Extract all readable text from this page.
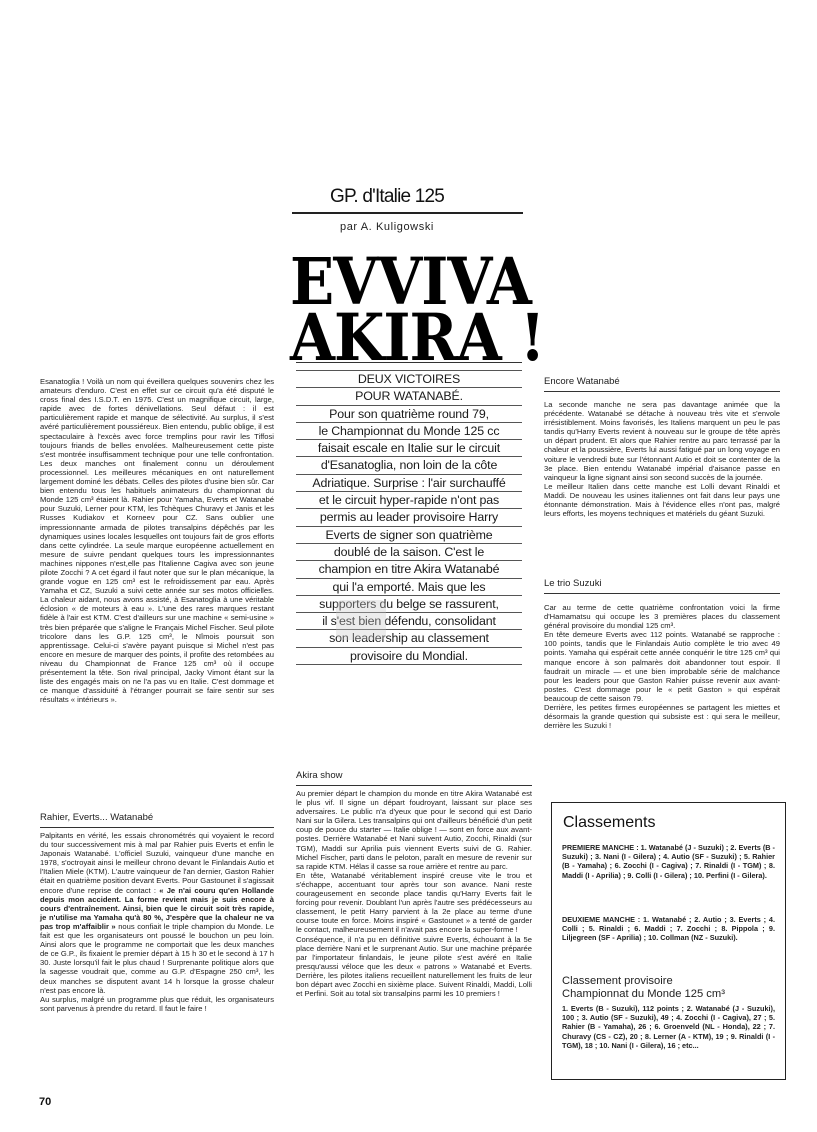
GP. d'Italie 125
par A. Kuligowski
EVVIVA
AKIRA !
Esanatoglia ! Voilà un nom qui éveillera quelques souvenirs chez les amateurs d'enduro. C'est en effet sur ce circuit qu'a été disputé le cross final des I.S.D.T. en 1975. C'est un magnifique circuit, large, rapide avec de fortes dénivellations. Seul défaut : il est particulièrement rapide et manque de sélectivité. Au surplus, il s'est avéré particulièrement poussiéreux. Bien entendu, public oblige, il est spectaculaire à l'excès avec force tremplins pour ravir les Tiffosi toujours friands de belles envolées. Malheureusement cette piste s'est montrée insuffisamment technique pour une telle confrontation. Les deux manches ont finalement connu un déroulement processionnel. Les meilleures mécaniques en ont naturellement largement dominé les débats. Celles des pilotes d'usine bien sûr. Car bien entendu tous les habituels animateurs du championnat du Monde 125 cm³ étaient là. Rahier pour Yamaha, Everts et Watanabé pour Suzuki, Lerner pour KTM, les Tchèques Churavy et Janis et les Russes Kudiakov et Korneev pour CZ. Sans oublier une impressionnante armada de pilotes transalpins dépêchés par les dynamiques usines locales lesquelles ont toujours fait de gros efforts dans cette cylindrée. La seule marque européenne actuellement en mesure de suivre pendant quelques tours les impressionnantes machines nippones n'est,elle pas l'Italienne Cagiva avec son jeune pilote Zocchi ? A cet égard il faut noter que sur le plan mécanique, la grande vogue en 125 cm³ est le refroidissement par eau. Après Yamaha et CZ, Suzuki a suivi cette année sur ses motos officielles. La chaleur aidant, nous avons assisté, à Esanatoglia à une véritable éclosion « de moteurs à eau ». L'une des rares marques restant fidèle à l'air est KTM. C'est d'ailleurs sur une machine « semi-usine » très bien préparée que s'aligne le Français Michel Fischer. Seul pilote tricolore dans les G.P. 125 cm³, le Nîmois poursuit son apprentissage. Celui-ci s'avère payant puisque si Michel n'est pas encore en mesure de marquer des points, il profite des retombées au niveau du Championnat de France 125 cm³ où il occupe présentement la tête. Son rival principal, Jacky Vimont étant sur la liste des engagés mais on ne l'a pas vu en Italie. C'est dommage et ce manque d'assiduité à l'étranger pourrait se faire sentir sur ses résultats « intérieurs ».
Rahier, Everts... Watanabé
Palpitants en vérité, les essais chronométrés qui voyaient le record du tour successivement mis à mal par Rahier puis Everts et enfin le Japonais Watanabé. L'officiel Suzuki, vainqueur d'une manche en 1978, s'octroyait ainsi le meilleur chrono devant le Finlandais Autio et l'Italien Miele (KTM). L'autre vainqueur de l'an dernier, Gaston Rahier était en quatrième position devant Everts. Pour Gastounet il s'agissait encore d'une reprise de contact : « Je n'ai couru qu'en Hollande depuis mon accident. La forme revient mais je suis encore à cours d'entraînement. Ainsi, bien que le circuit soit très rapide, je n'utilise ma Yamaha qu'à 80 %, J'espère que la chaleur ne va pas trop m'affaiblir » nous confiait le triple champion du Monde. Le fait est que les organisateurs ont poussé le bouchon un peu loin. Ainsi alors que le programme ne comportait que les deux manches de ce G.P., ils fixaient le premier départ à 15 h 30 et le second à 17 h 30. Juste lorsqu'il fait le plus chaud ! Surprenante politique alors que la sagesse voudrait que, comme au G.P. d'Espagne 250 cm³, les deux manches se disputent avant 14 h lorsque la grosse chaleur n'est pas encore là.
Au surplus, malgré un programme plus que réduit, les organisateurs sont parvenus à prendre du retard. Il faut le faire !
DEUX VICTOIRES
POUR WATANABÉ.
Pour son quatrième round 79,
le Championnat du Monde 125 cc
faisait escale en Italie sur le circuit
d'Esanatoglia, non loin de la côte
Adriatique. Surprise : l'air surchauffé
et le circuit hyper-rapide n'ont pas
permis au leader provisoire Harry
Everts de signer son quatrième
doublé de la saison. C'est le
champion en titre Akira Watanabé
qui l'a emporté. Mais que les
supporters du belge se rassurent,
il s'est bien défendu, consolidant
son leadership au classement
provisoire du Mondial.
Akira show
Au premier départ le champion du monde en titre Akira Watanabé est le plus vif. Il signe un départ foudroyant, laissant sur place ses adversaires. Le public n'a d'yeux que pour le second qui est Dario Nani sur la Gilera. Les transalpins qui ont d'ailleurs bénéficié d'un petit coup de pouce du starter — Italie oblige ! — sont en force aux avant-postes. Derrière Watanabé et Nani suivent Autio, Zocchi, Rinaldi (sur TGM), Maddi sur Aprilia puis viennent Everts suivi de G. Rahier. Michel Fischer, parti dans le peloton, paraît en mesure de revenir sur sa rapide KTM. Hélas il casse sa roue arrière et rentre au parc.
En tête, Watanabé véritablement inspiré creuse vite le trou et s'échappe, accentuant tour après tour son avance. Nani reste courageusement en seconde place tandis qu'Harry Everts fait le forcing pour revenir. Doublant l'un après l'autre ses prédécesseurs au classement, le petit Harry parvient à la 2e place au terme d'une course toute en force. Moins inspiré « Gastounet » a tenté de garder le contact, malheureusement il n'avait pas encore la super-forme !
Conséquence, il n'a pu en définitive suivre Everts, échouant à la 5e place derrière Nani et le surprenant Autio. Sur une machine préparée par l'importateur finlandais, le jeune pilote s'est avéré en Italie presqu'aussi véloce que les deux « patrons » Watanabé et Everts. Derrière, les pilotes italiens recueillent naturellement les fruits de leur bon départ avec Zocchi en sixième place. Suivent Rinaldi, Maddi, Lolli et Perfini. Soit au total six transalpins parmi les 10 premiers !
Encore Watanabé
La seconde manche ne sera pas davantage animée que la précédente. Watanabé se détache à nouveau très vite et s'envole irrésistiblement. Moins favorisés, les Italiens marquent un peu le pas tandis qu'Harry Everts revient à nouveau sur le groupe de tête après un départ prudent. Et alors que Rahier rentre au parc terrassé par la chaleur et la poussière, Everts lui aussi fatigué par un long voyage en voiture le vendredi bute sur l'étonnant Autio et doit se contenter de la 3e place. Bien entendu Watanabé impérial d'aisance passe en vainqueur la ligne signant ainsi son second succès de la journée.
Le meilleur Italien dans cette manche est Lolli devant Rinaldi et Maddi. De nouveau les usines italiennes ont fait dans leur pays une étonnante démonstration. Mais à l'évidence elles n'ont pas, malgré leurs efforts, les moyens techniques et matériels du géant Suzuki.
Le trio Suzuki
Car au terme de cette quatrième confrontation voici la firme d'Hamamatsu qui occupe les 3 premières places du classement général provisoire du mondial 125 cm³.
En tête demeure Everts avec 112 points. Watanabé se rapproche : 100 points, tandis que le Finlandais Autio complète le trio avec 49 points. Yamaha qui espérait cette année conquérir le titre 125 cm³ qui manque encore à son palmarès doit abandonner tout espoir. Il faudrait un miracle — et une bien improbable série de malchance pour les leaders pour que Gaston Rahier puisse revenir aux avant-postes. C'est dommage pour le « petit Gaston » qui espérait beaucoup de cette saison 79.
Derrière, les petites firmes européennes se partagent les miettes et désormais la grande question qui subsiste est : qui sera le meilleur, derrière les Suzuki !
Classements
PREMIERE MANCHE : 1. Watanabé (J - Suzuki) ; 2. Everts (B - Suzuki) ; 3. Nani (I - Gilera) ; 4. Autio (SF - Suzuki) ; 5. Rahier (B - Yamaha) ; 6. Zocchi (I - Cagiva) ; 7. Rinaldi (I - TGM) ; 8. Maddi (I - Aprilia) ; 9. Colli (I - Gilera) ; 10. Perfini (I - Gilera).
DEUXIEME MANCHE : 1. Watanabé ; 2. Autio ; 3. Everts ; 4. Colli ; 5. Rinaldi ; 6. Maddi ; 7. Zocchi ; 8. Pippola ; 9. Liljegreen (SF - Aprilia) ; 10. Collman (NZ - Suzuki).
Classement provisoire
Championnat du Monde 125 cm³
1. Everts (B - Suzuki), 112 points ; 2. Watanabé (J - Suzuki), 100 ; 3. Autio (SF - Suzuki), 49 ; 4. Zocchi (I - Cagiva), 27 ; 5. Rahier (B - Yamaha), 26 ; 6. Groenveld (NL - Honda), 22 ; 7. Churavy (CS - CZ), 20 ; 8. Lerner (A - KTM), 19 ; 9. Rinaldi (I - TGM), 18 ; 10. Nani (I - Gilera), 16 ; etc...
70
